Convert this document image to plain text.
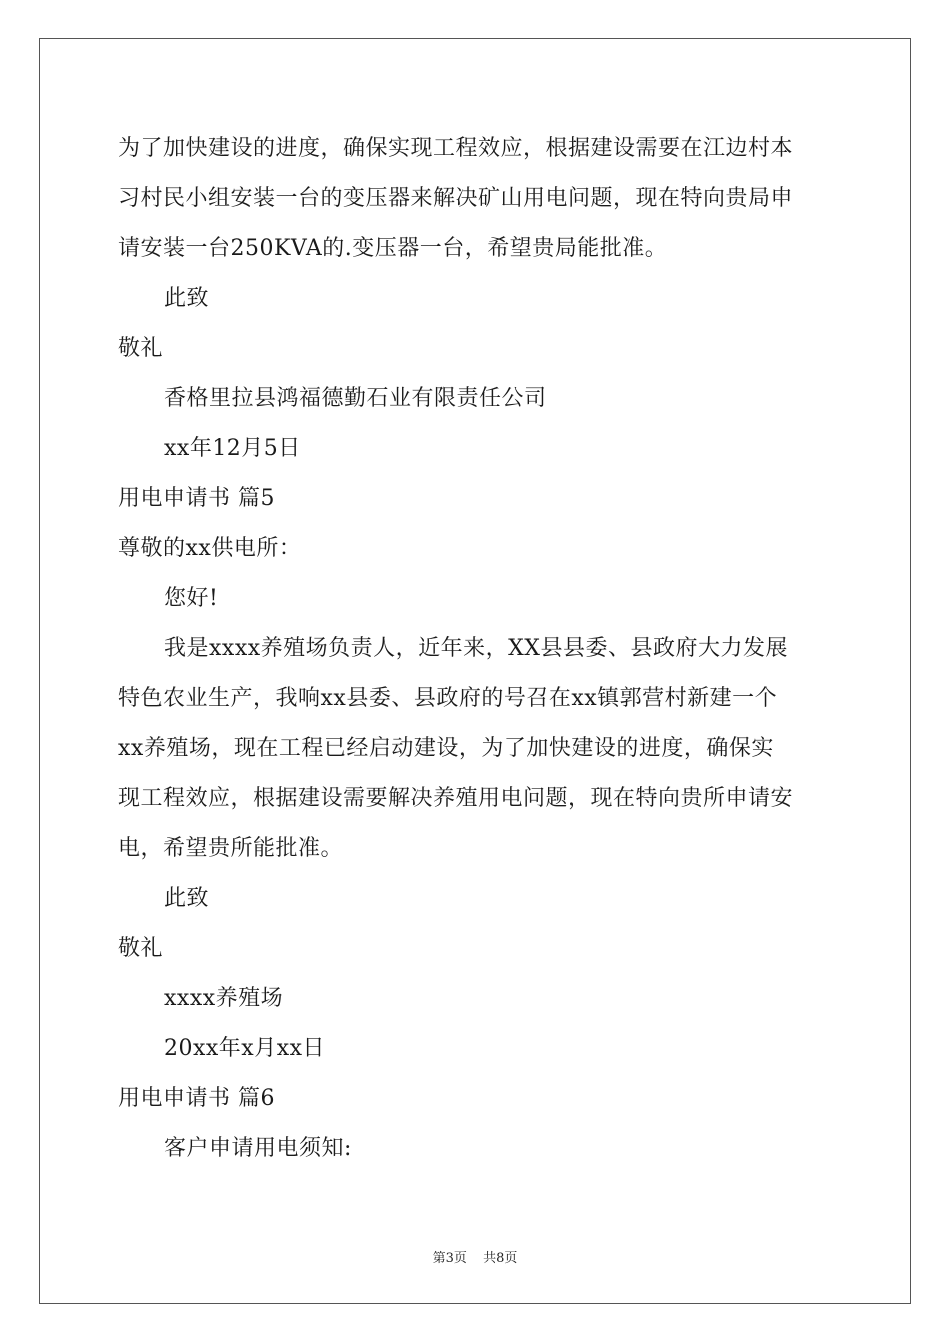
为了加快建设的进度，确保实现工程效应，根据建设需要在江边村本
习村民小组安装一台的变压器来解决矿山用电问题，现在特向贵局申
请安装一台250KVA的.变压器一台，希望贵局能批准。
此致
敬礼
香格里拉县鸿福德勤石业有限责任公司
xx年12月5日
用电申请书 篇5
尊敬的xx供电所：
您好!
我是xxxx养殖场负责人，近年来，XX县县委、县政府大力发展
特色农业生产，我响xx县委、县政府的号召在xx镇郭营村新建一个
xx养殖场，现在工程已经启动建设，为了加快建设的进度，确保实
现工程效应，根据建设需要解决养殖用电问题，现在特向贵所申请安
电，希望贵所能批准。
此致
敬礼
xxxx养殖场
20xx年x月xx日
用电申请书 篇6
客户申请用电须知:
第3页 共8页
